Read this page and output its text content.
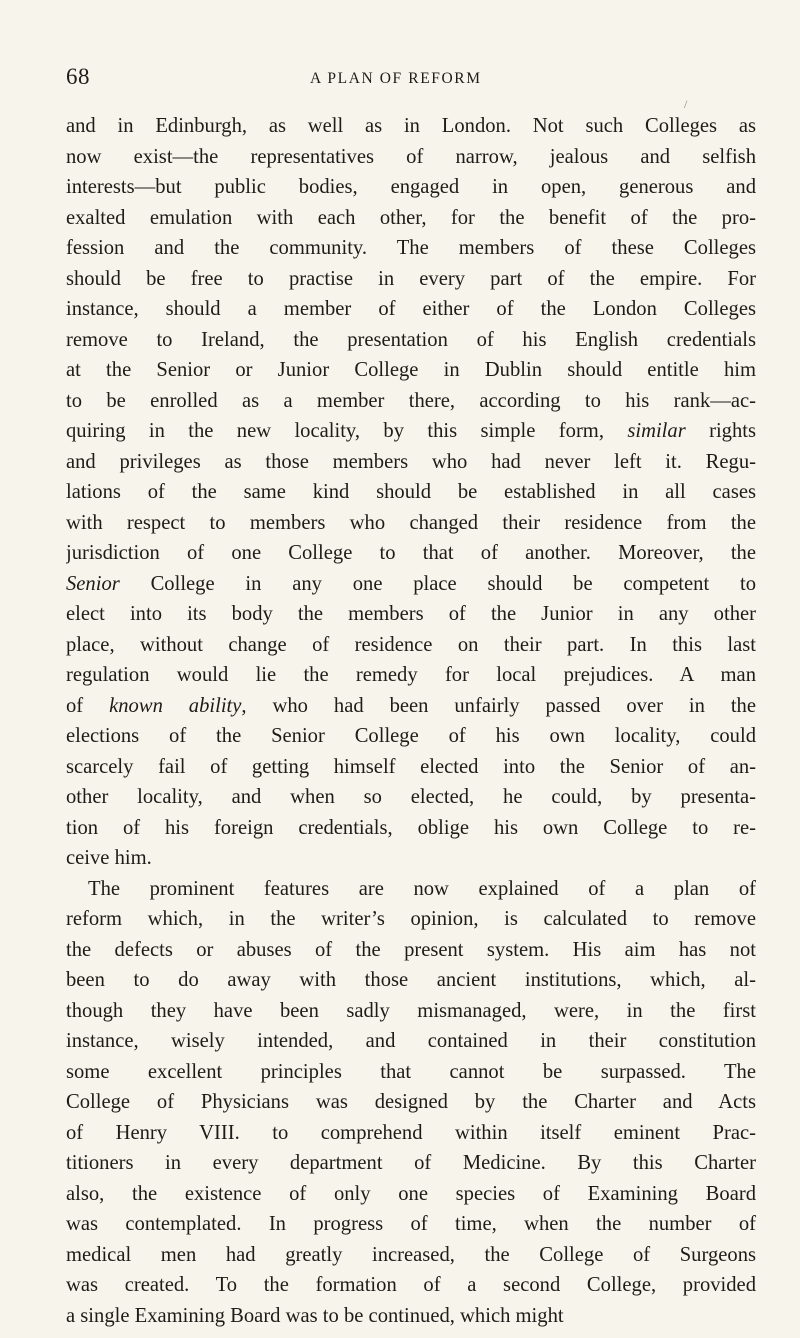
68	A PLAN OF REFORM
/
and in Edinburgh, as well as in London. Not such Colleges as
now exist—the representatives of narrow, jealous and selfish
interests—but public bodies, engaged in open, generous and
exalted emulation with each other, for the benefit of the pro-
fession and the community. The members of these Colleges
should be free to practise in every part of the empire. For
instance, should a member of either of the London Colleges
remove to Ireland, the presentation of his English credentials
at the Senior or Junior College in Dublin should entitle him
to be enrolled as a member there, according to his rank—ac-
quiring in the new locality, by this simple form, similar rights
and privileges as those members who had never left it. Regu-
lations of the same kind should be established in all cases
with respect to members who changed their residence from the
jurisdiction of one College to that of another. Moreover, the
Senior College in any one place should be competent to
elect into its body the members of the Junior in any other
place, without change of residence on their part. In this last
regulation would lie the remedy for local prejudices. A man
of known ability, who had been unfairly passed over in the
elections of the Senior College of his own locality, could
scarcely fail of getting himself elected into the Senior of an-
other locality, and when so elected, he could, by presenta-
tion of his foreign credentials, oblige his own College to re-
ceive him.
The prominent features are now explained of a plan of
reform which, in the writer’s opinion, is calculated to remove
the defects or abuses of the present system. His aim has not
been to do away with those ancient institutions, which, al-
though they have been sadly mismanaged, were, in the first
instance, wisely intended, and contained in their constitution
some excellent principles that cannot be surpassed. The
College of Physicians was designed by the Charter and Acts
of Henry VIII. to comprehend within itself eminent Prac-
titioners in every department of Medicine. By this Charter
also, the existence of only one species of Examining Board
was contemplated. In progress of time, when the number of
medical men had greatly increased, the College of Surgeons
was created. To the formation of a second College, provided
a single Examining Board was to be continued, which might
